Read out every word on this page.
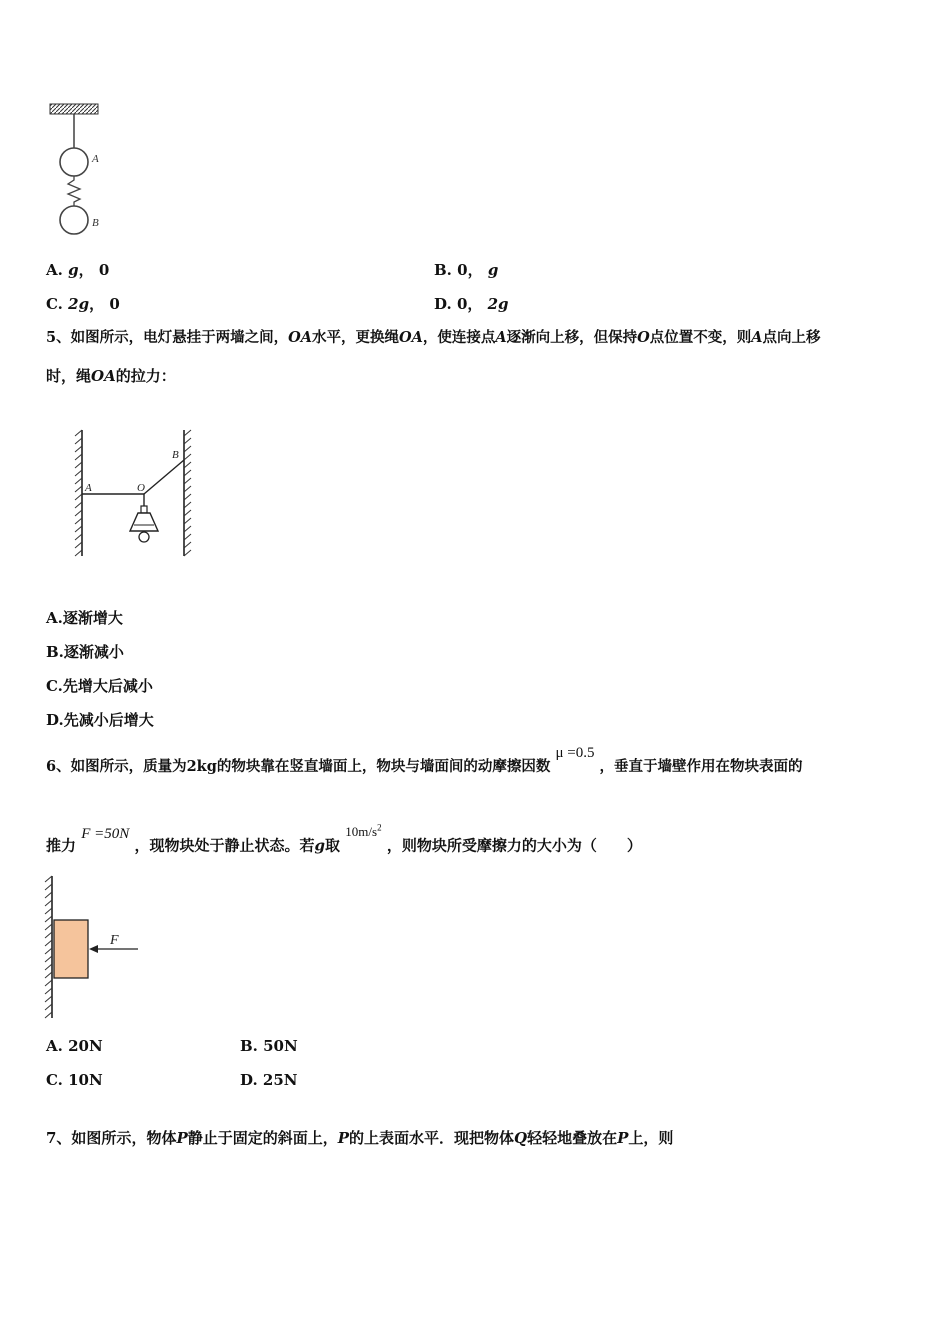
A
B
A. g， 0	B. 0， g
C. 2g， 0	D. 0， 2g
5、如图所示，电灯悬挂于两墙之间，OA水平，更换绳OA，使连接点A逐渐向上移，但保持O点位置不变，则A点向上移
时，绳OA的拉力：
A	O
B
A.逐渐增大
B.逐渐减小
C.先增大后减小
D.先减小后增大
6、如图所示，质量为2kg的物块靠在竖直墙面上，物块与墙面间的动摩擦因数 μ =0.5 ，垂直于墙壁作用在物块表面的
推力 F =50N ，现物块处于静止状态。若g取 $10m/s^2$ ，则物块所受摩擦力的大小为（　　）
F
A. 20N	B. 50N
C. 10N	D. 25N
7、如图所示，物体P静止于固定的斜面上，P的上表面水平．现把物体Q轻轻地叠放在P上，则
